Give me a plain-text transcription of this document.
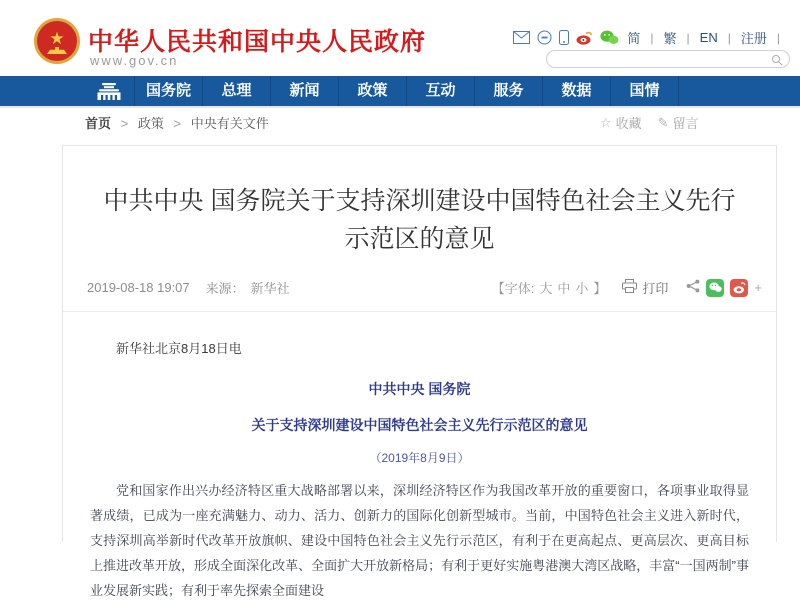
★ 中华人民共和国中央人民政府
www.gov.cn
简 | 繁 | EN | 注册 |
国务院	总理	新闻	政策	互动	服务	数据	国情
首页 > 政策 > 中央有关文件	☆ 收藏 ✎ 留言
中共中央 国务院关于支持深圳建设中国特色社会主义先行示范区的意见
2019-08-18 19:07 来源： 新华社	【字体: 大 中 小 】	打印	+

新华社北京8月18日电

中共中央 国务院

关于支持深圳建设中国特色社会主义先行示范区的意见

（2019年8月9日）

党和国家作出兴办经济特区重大战略部署以来，深圳经济特区作为我国改革开放的重要窗口，各项事业取得显著成绩，已成为一座充满魅力、动力、活力、创新力的国际化创新型城市。当前，中国特色社会主义进入新时代，支持深圳高举新时代改革开放旗帜、建设中国特色社会主义先行示范区，有利于在更高起点、更高层次、更高目标上推进改革开放，形成全面深化改革、全面扩大开放新格局；有利于更好实施粤港澳大湾区战略，丰富“一国两制”事业发展新实践；有利于率先探索全面建设
